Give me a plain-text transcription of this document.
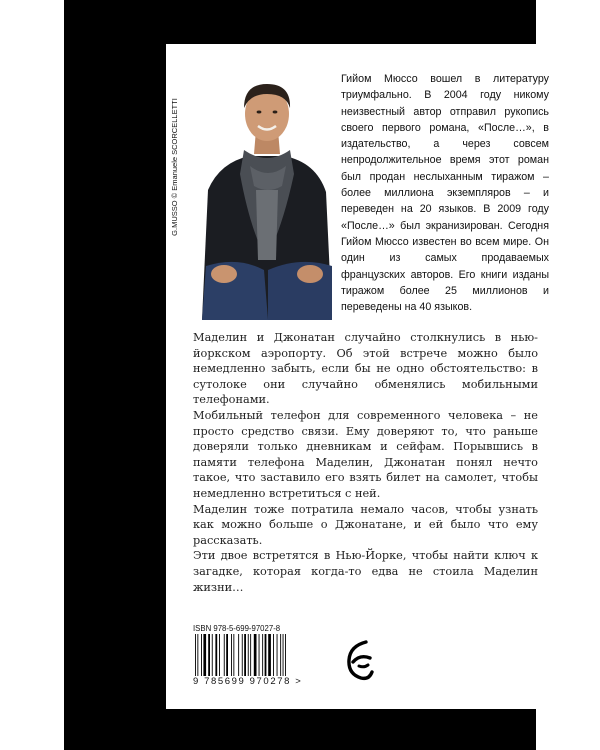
G.MUSSO © Emanuele SCORCELLETTI

Гийом Мюссо вошел в литературу триумфально. В 2004 году никому неизвестный автор отправил рукопись своего первого романа, «После…», в издательство, а через совсем непродолжительное время этот роман был продан неслыханным тиражом – более миллиона экземпляров – и переведен на 20 языков. В 2009 году «После…» был экранизирован. Сегодня Гийом Мюссо известен во всем мире. Он один из самых продаваемых французских авторов. Его книги изданы тиражом более 25 миллионов и переведены на 40 языков.

Маделин и Джонатан случайно столкнулись в нью-йоркском аэропорту. Об этой встрече можно было немедленно забыть, если бы не одно обстоятельство: в сутолоке они случайно обменялись мобильными телефонами.

Мобильный телефон для современного человека – не просто средство связи. Ему доверяют то, что раньше доверяли только дневникам и сейфам. Порывшись в памяти телефона Маделин, Джонатан понял нечто такое, что заставило его взять билет на самолет, чтобы немедленно встретиться с ней.

Маделин тоже потратила немало часов, чтобы узнать как можно больше о Джонатане, и ей было что ему рассказать.

Эти двое встретятся в Нью-Йорке, чтобы найти ключ к загадке, которая когда-то едва не стоила Маделин жизни…

ISBN 978-5-699-97027-8
9 785699 970278 >
